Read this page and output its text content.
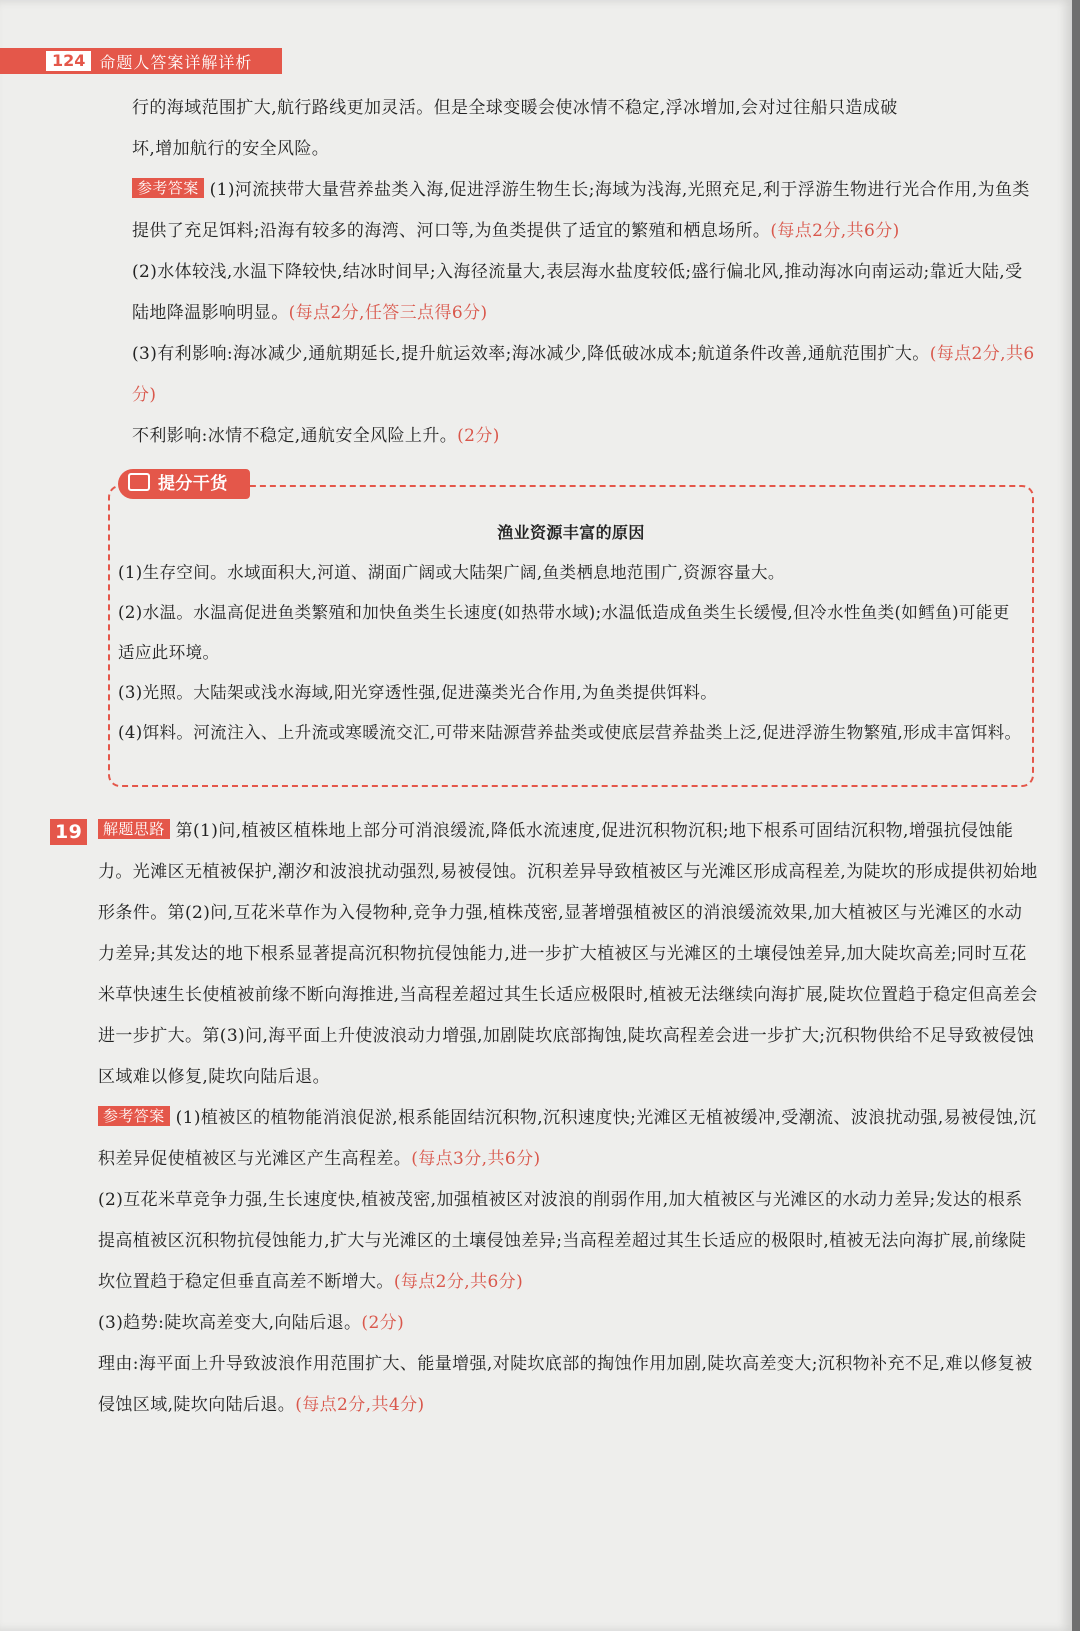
124 命题人答案详解详析

行的海域范围扩大,航行路线更加灵活。但是全球变暖会使冰情不稳定,浮冰增加,会对过往船只造成破

坏,增加航行的安全风险。

参考答案 (1)河流挟带大量营养盐类入海,促进浮游生物生长;海域为浅海,光照充足,利于浮游生物进行光合作用,为鱼类提供了充足饵料;沿海有较多的海湾、河口等,为鱼类提供了适宜的繁殖和栖息场所。(每点2分,共6分)

(2)水体较浅,水温下降较快,结冰时间早;入海径流量大,表层海水盐度较低;盛行偏北风,推动海冰向南运动;靠近大陆,受陆地降温影响明显。(每点2分,任答三点得6分)

(3)有利影响:海冰减少,通航期延长,提升航运效率;海冰减少,降低破冰成本;航道条件改善,通航范围扩大。(每点2分,共6分)

不利影响:冰情不稳定,通航安全风险上升。(2分)

提分干货
渔业资源丰富的原因

(1)生存空间。水域面积大,河道、湖面广阔或大陆架广阔,鱼类栖息地范围广,资源容量大。

(2)水温。水温高促进鱼类繁殖和加快鱼类生长速度(如热带水域);水温低造成鱼类生长缓慢,但冷水性鱼类(如鳕鱼)可能更适应此环境。

(3)光照。大陆架或浅水海域,阳光穿透性强,促进藻类光合作用,为鱼类提供饵料。

(4)饵料。河流注入、上升流或寒暖流交汇,可带来陆源营养盐类或使底层营养盐类上泛,促进浮游生物繁殖,形成丰富饵料。

19	解题思路 第(1)问,植被区植株地上部分可消浪缓流,降低水流速度,促进沉积物沉积;地下根系可固结沉积物,增强抗侵蚀能力。光滩区无植被保护,潮汐和波浪扰动强烈,易被侵蚀。沉积差异导致植被区与光滩区形成高程差,为陡坎的形成提供初始地形条件。第(2)问,互花米草作为入侵物种,竞争力强,植株茂密,显著增强植被区的消浪缓流效果,加大植被区与光滩区的水动力差异;其发达的地下根系显著提高沉积物抗侵蚀能力,进一步扩大植被区与光滩区的土壤侵蚀差异,加大陡坎高差;同时互花米草快速生长使植被前缘不断向海推进,当高程差超过其生长适应极限时,植被无法继续向海扩展,陡坎位置趋于稳定但高差会进一步扩大。第(3)问,海平面上升使波浪动力增强,加剧陡坎底部掏蚀,陡坎高程差会进一步扩大;沉积物供给不足导致被侵蚀区域难以修复,陡坎向陆后退。

参考答案 (1)植被区的植物能消浪促淤,根系能固结沉积物,沉积速度快;光滩区无植被缓冲,受潮流、波浪扰动强,易被侵蚀,沉积差异促使植被区与光滩区产生高程差。(每点3分,共6分)

(2)互花米草竞争力强,生长速度快,植被茂密,加强植被区对波浪的削弱作用,加大植被区与光滩区的水动力差异;发达的根系提高植被区沉积物抗侵蚀能力,扩大与光滩区的土壤侵蚀差异;当高程差超过其生长适应的极限时,植被无法向海扩展,前缘陡坎位置趋于稳定但垂直高差不断增大。(每点2分,共6分)

(3)趋势:陡坎高差变大,向陆后退。(2分)

理由:海平面上升导致波浪作用范围扩大、能量增强,对陡坎底部的掏蚀作用加剧,陡坎高差变大;沉积物补充不足,难以修复被侵蚀区域,陡坎向陆后退。(每点2分,共4分)
